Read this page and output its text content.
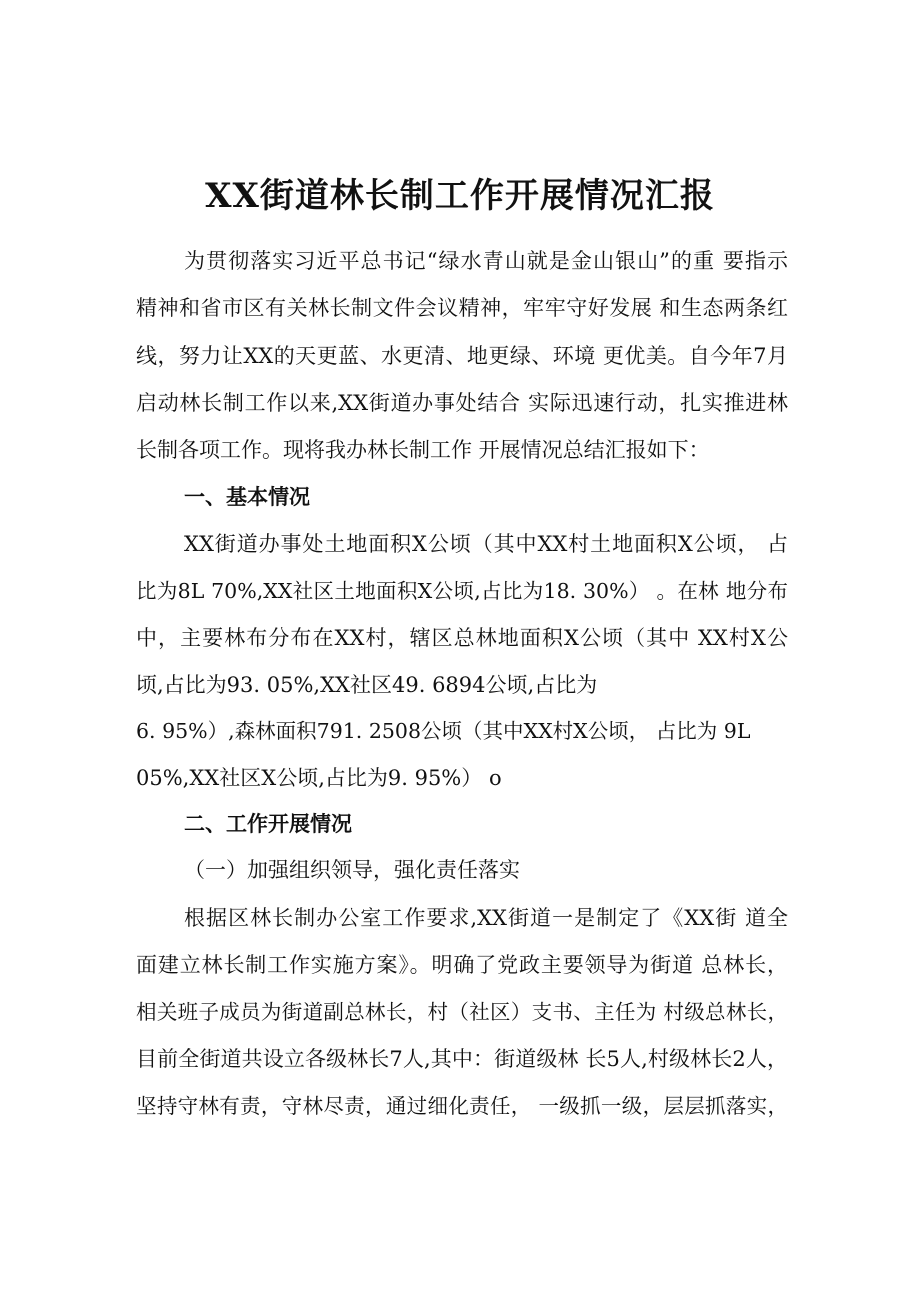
XX街道林长制工作开展情况汇报
为贯彻落实习近平总书记“绿水青山就是金山银山”的重 要指示
精神和省市区有关林长制文件会议精神，牢牢守好发展 和生态两条红
线，努力让XX的天更蓝、水更清、地更绿、环境 更优美。自今年7月
启动林长制工作以来,XX街道办事处结合 实际迅速行动，扎实推进林
长制各项工作。现将我办林长制工作 开展情况总结汇报如下：
一、基本情况
XX街道办事处土地面积X公顷（其中XX村土地面积X公顷， 占
比为8L 70%,XX社区土地面积X公顷,占比为18. 30%） 。在林 地分布
中，主要林布分布在XX村，辖区总林地面积X公顷（其中 XX村X公
顷,占比为93. 05%,XX社区49. 6894公顷,占比为
6. 95%）,森林面积791. 2508公顷（其中XX村X公顷， 占比为 9L
05%,XX社区X公顷,占比为9. 95%） o
二、工作开展情况
（一）加强组织领导，强化责任落实
根据区林长制办公室工作要求,XX街道一是制定了《XX街 道全
面建立林长制工作实施方案》。明确了党政主要领导为街道 总林长，
相关班子成员为街道副总林长，村（社区）支书、主任为 村级总林长，
目前全街道共设立各级林长7人,其中：街道级林 长5人,村级林长2人，
坚持守林有责，守林尽责，通过细化责任， 一级抓一级，层层抓落实，
